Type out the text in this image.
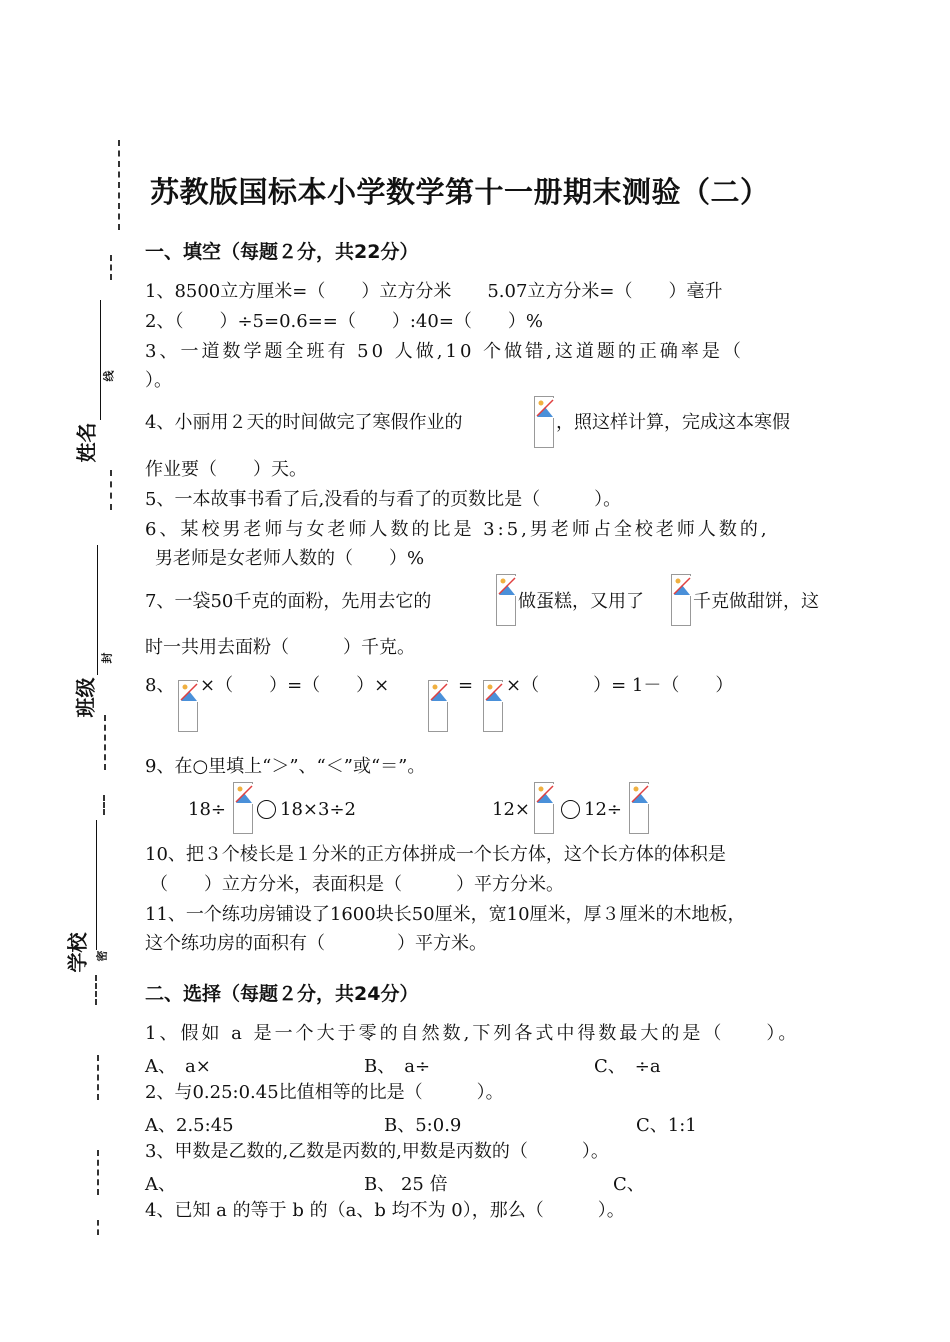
苏教版国标本小学数学第十一册期末测验（二）
线
姓名
封
班级
密
学校
一、填空（每题２分，共22分）
1、8500立方厘米=（　　）立方分米　　5.07立方分米=（　　）毫升
2、（　　）÷5=0.6==（　　）:40=（　　）%
3、一道数学题全班有 50 人做,10 个做错,这道题的正确率是（
）。
4、小丽用２天的时间做完了寒假作业的	，照这样计算，完成这本寒假
作业要（　　）天。
5、一本故事书看了后,没看的与看了的页数比是（　　　）。
6、某校男老师与女老师人数的比是 3:5,男老师占全校老师人数的,
男老师是女老师人数的（　　）%
7、一袋50千克的面粉，先用去它的	做蛋糕，又用了	千克做甜饼，这
时一共用去面粉（　　　）千克。
8、 ×（　　）=（　　）×	= ×（　　　）= 1－（　　）
9、在○里填上“＞”、“＜”或“＝”。
18÷	18×3÷2	12×	12÷
10、把３个棱长是１分米的正方体拼成一个长方体，这个长方体的体积是
（　　）立方分米，表面积是（　　　）平方分米。
11、一个练功房铺设了1600块长50厘米，宽10厘米，厚３厘米的木地板，
这个练功房的面积有（　　　　）平方米。
二、选择（每题２分，共24分）
1、假如 a 是一个大于零的自然数,下列各式中得数最大的是（　　）。
A、　a×	B、　a÷	C、　÷a
2、与0.25:0.45比值相等的比是（　　　）。
A、2.5:45	B、5:0.9	C、1:1
3、甲数是乙数的,乙数是丙数的,甲数是丙数的（　　　）。
A、	B、 25 倍	C、
4、已知 a 的等于 b 的（a、b 均不为 0），那么（　　　）。
